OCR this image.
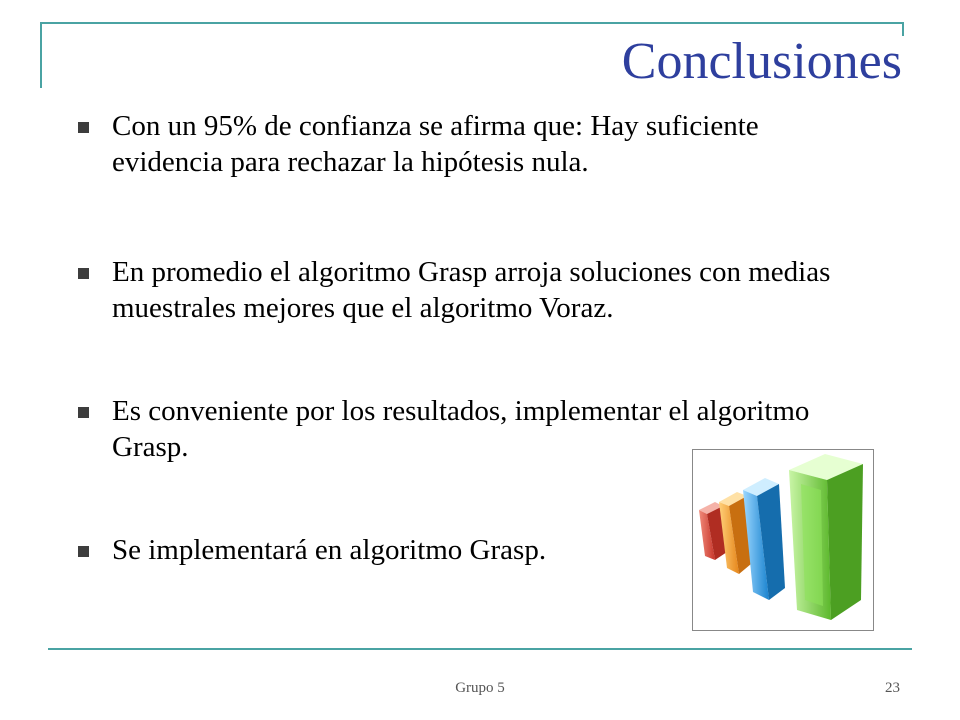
Conclusiones
Con un 95% de confianza se afirma que: Hay suficiente evidencia para rechazar la hipótesis nula.
En promedio el algoritmo Grasp arroja soluciones con medias muestrales mejores que el algoritmo Voraz.
Es conveniente por los resultados, implementar el algoritmo Grasp.
Se implementará en algoritmo Grasp.
Grupo 5	23
